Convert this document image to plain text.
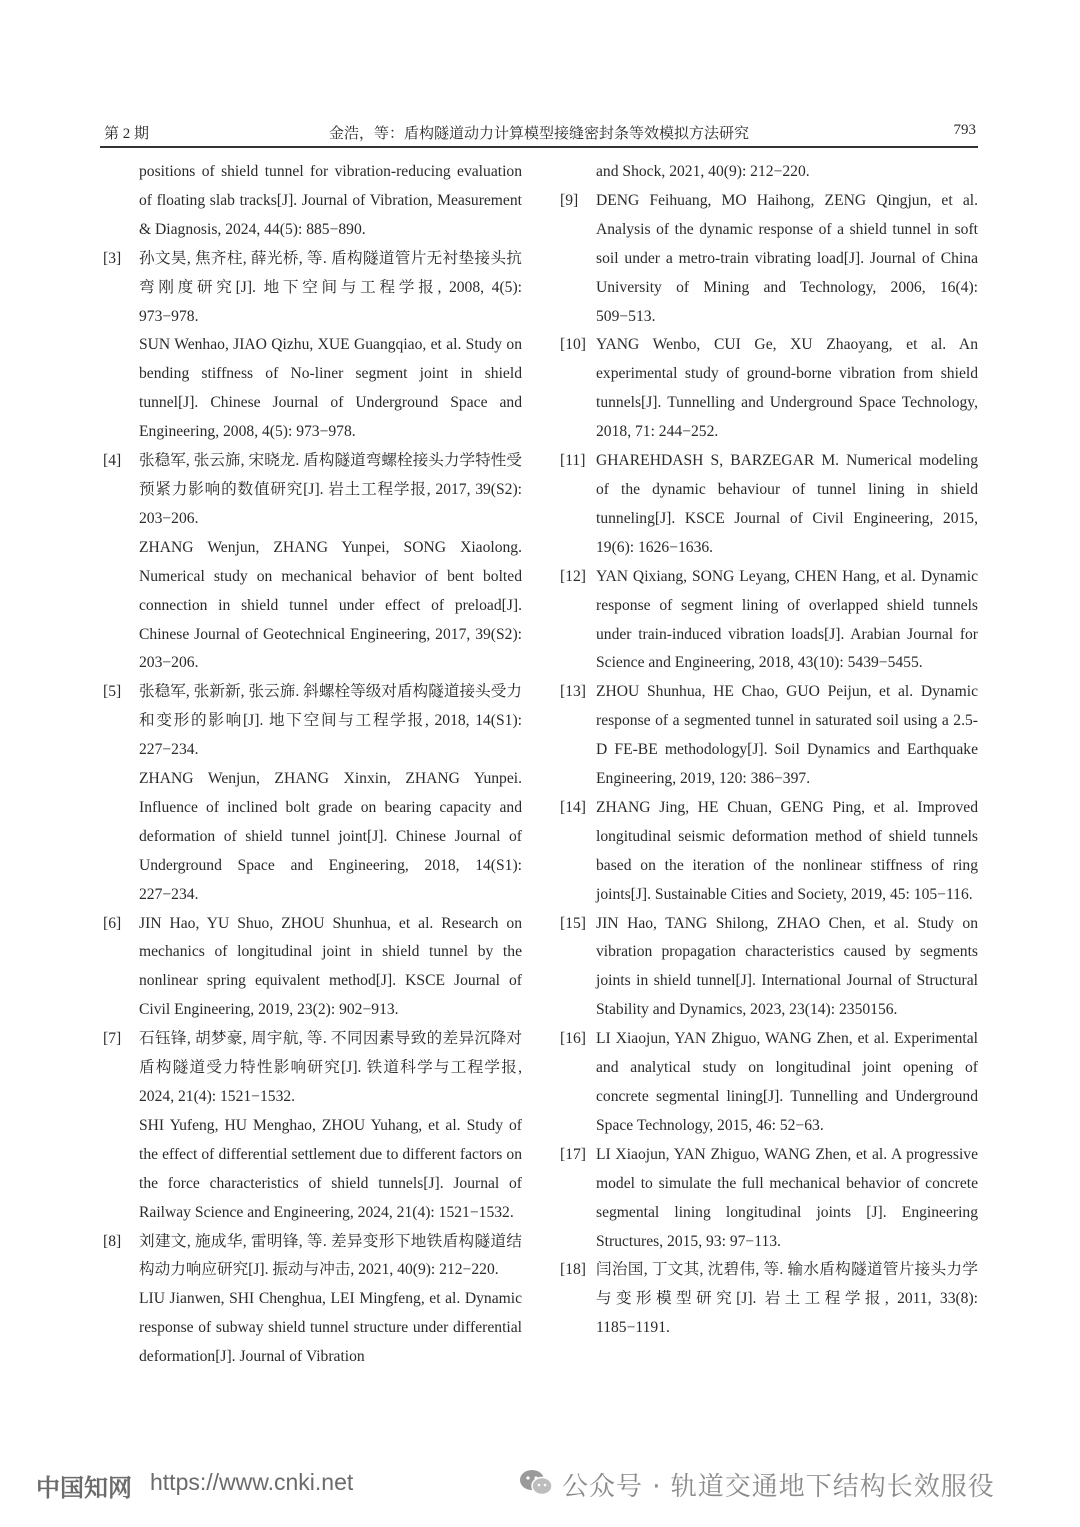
第 2 期	金浩，等：盾构隧道动力计算模型接缝密封条等效模拟方法研究	793
positions of shield tunnel for vibration-reducing evaluation of floating slab tracks[J]. Journal of Vibration, Measurement & Diagnosis, 2024, 44(5): 885−890.
[3] 孙文昊, 焦齐柱, 薛光桥, 等. 盾构隧道管片无衬垫接头抗弯刚度研究[J]. 地下空间与工程学报, 2008, 4(5): 973−978.
SUN Wenhao, JIAO Qizhu, XUE Guangqiao, et al. Study on bending stiffness of No-liner segment joint in shield tunnel[J]. Chinese Journal of Underground Space and Engineering, 2008, 4(5): 973−978.
[4] 张稳军, 张云旆, 宋晓龙. 盾构隧道弯螺栓接头力学特性受预紧力影响的数值研究[J]. 岩土工程学报, 2017, 39(S2): 203−206.
ZHANG Wenjun, ZHANG Yunpei, SONG Xiaolong. Numerical study on mechanical behavior of bent bolted connection in shield tunnel under effect of preload[J]. Chinese Journal of Geotechnical Engineering, 2017, 39(S2): 203−206.
[5] 张稳军, 张新新, 张云旆. 斜螺栓等级对盾构隧道接头受力和变形的影响[J]. 地下空间与工程学报, 2018, 14(S1): 227−234.
ZHANG Wenjun, ZHANG Xinxin, ZHANG Yunpei. Influence of inclined bolt grade on bearing capacity and deformation of shield tunnel joint[J]. Chinese Journal of Underground Space and Engineering, 2018, 14(S1): 227−234.
[6] JIN Hao, YU Shuo, ZHOU Shunhua, et al. Research on mechanics of longitudinal joint in shield tunnel by the nonlinear spring equivalent method[J]. KSCE Journal of Civil Engineering, 2019, 23(2): 902−913.
[7] 石钰锋, 胡梦豪, 周宇航, 等. 不同因素导致的差异沉降对盾构隧道受力特性影响研究[J]. 铁道科学与工程学报, 2024, 21(4): 1521−1532.
SHI Yufeng, HU Menghao, ZHOU Yuhang, et al. Study of the effect of differential settlement due to different factors on the force characteristics of shield tunnels[J]. Journal of Railway Science and Engineering, 2024, 21(4): 1521−1532.
[8] 刘建文, 施成华, 雷明锋, 等. 差异变形下地铁盾构隧道结构动力响应研究[J]. 振动与冲击, 2021, 40(9): 212−220.
LIU Jianwen, SHI Chenghua, LEI Mingfeng, et al. Dynamic response of subway shield tunnel structure under differential deformation[J]. Journal of Vibration
and Shock, 2021, 40(9): 212−220.
[9] DENG Feihuang, MO Haihong, ZENG Qingjun, et al. Analysis of the dynamic response of a shield tunnel in soft soil under a metro-train vibrating load[J]. Journal of China University of Mining and Technology, 2006, 16(4): 509−513.
[10] YANG Wenbo, CUI Ge, XU Zhaoyang, et al. An experimental study of ground-borne vibration from shield tunnels[J]. Tunnelling and Underground Space Technology, 2018, 71: 244−252.
[11] GHAREHDASH S, BARZEGAR M. Numerical modeling of the dynamic behaviour of tunnel lining in shield tunneling[J]. KSCE Journal of Civil Engineering, 2015, 19(6): 1626−1636.
[12] YAN Qixiang, SONG Leyang, CHEN Hang, et al. Dynamic response of segment lining of overlapped shield tunnels under train-induced vibration loads[J]. Arabian Journal for Science and Engineering, 2018, 43(10): 5439−5455.
[13] ZHOU Shunhua, HE Chao, GUO Peijun, et al. Dynamic response of a segmented tunnel in saturated soil using a 2.5-D FE-BE methodology[J]. Soil Dynamics and Earthquake Engineering, 2019, 120: 386−397.
[14] ZHANG Jing, HE Chuan, GENG Ping, et al. Improved longitudinal seismic deformation method of shield tunnels based on the iteration of the nonlinear stiffness of ring joints[J]. Sustainable Cities and Society, 2019, 45: 105−116.
[15] JIN Hao, TANG Shilong, ZHAO Chen, et al. Study on vibration propagation characteristics caused by segments joints in shield tunnel[J]. International Journal of Structural Stability and Dynamics, 2023, 23(14): 2350156.
[16] LI Xiaojun, YAN Zhiguo, WANG Zhen, et al. Experimental and analytical study on longitudinal joint opening of concrete segmental lining[J]. Tunnelling and Underground Space Technology, 2015, 46: 52−63.
[17] LI Xiaojun, YAN Zhiguo, WANG Zhen, et al. A progressive model to simulate the full mechanical behavior of concrete segmental lining longitudinal joints [J]. Engineering Structures, 2015, 93: 97−113.
[18] 闫治国, 丁文其, 沈碧伟, 等. 输水盾构隧道管片接头力学与变形模型研究[J]. 岩土工程学报, 2011, 33(8): 1185−1191.
中国知网 https://www.cnki.net	公众号 · 轨道交通地下结构长效服役
